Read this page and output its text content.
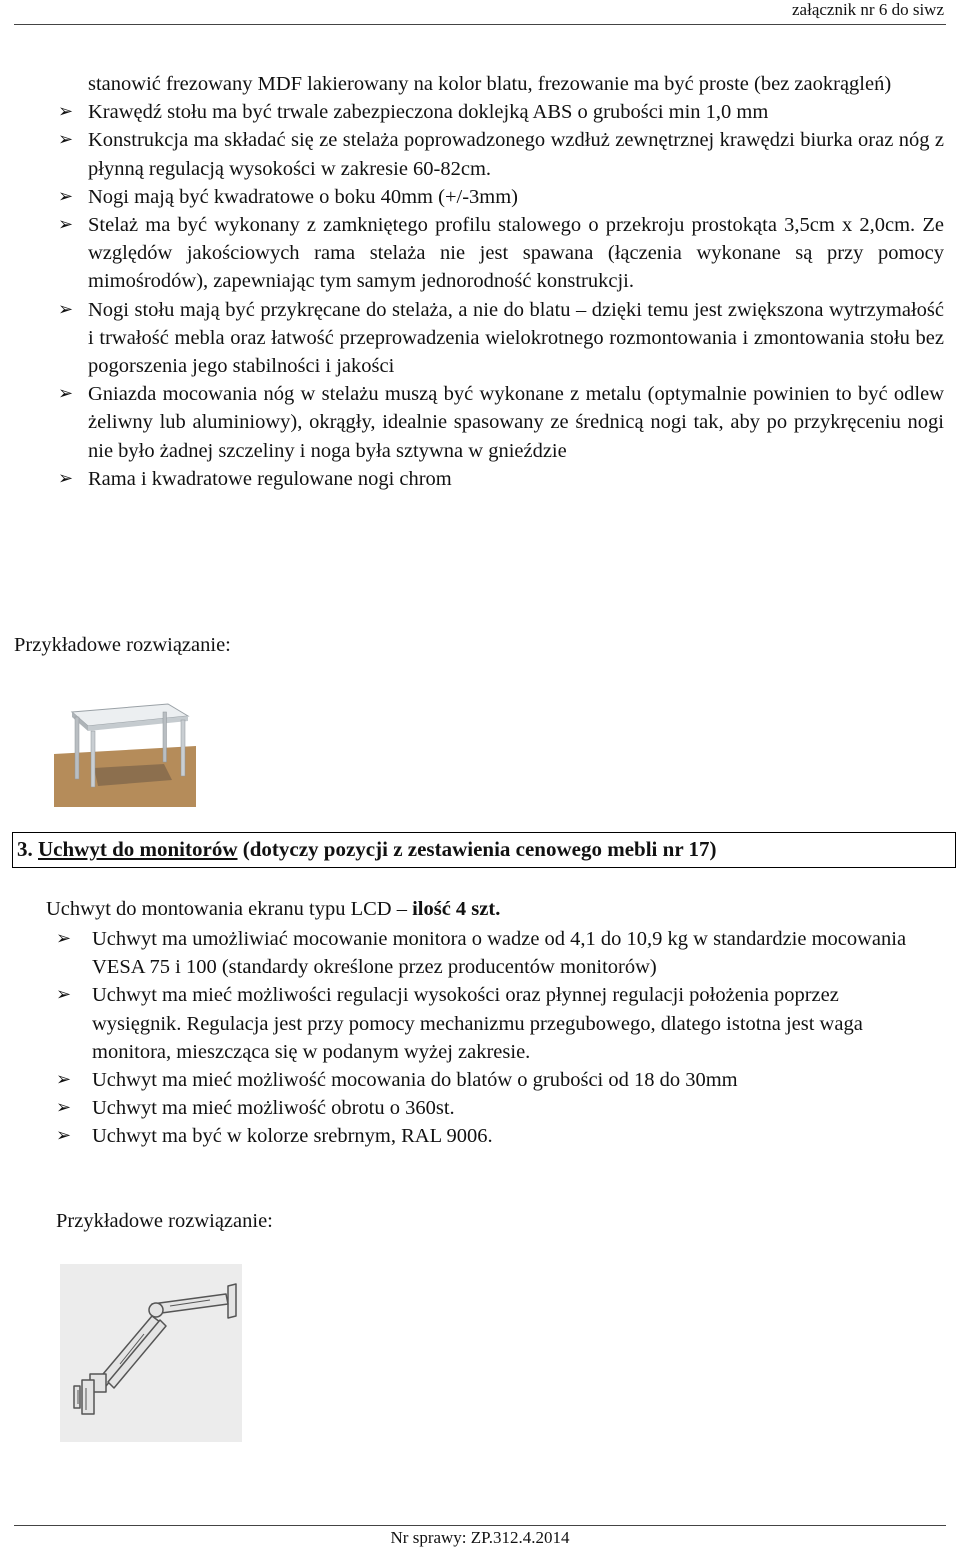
załącznik nr 6 do siwz
stanowić frezowany MDF lakierowany na kolor blatu, frezowanie ma być proste (bez zaokrągleń)
➢ Krawędź stołu ma być trwale zabezpieczona doklejką ABS o grubości min 1,0 mm
➢ Konstrukcja ma składać się ze stelaża poprowadzonego wzdłuż zewnętrznej krawędzi biurka oraz nóg z płynną regulacją wysokości w zakresie 60-82cm.
➢ Nogi mają być kwadratowe o boku 40mm (+/-3mm)
➢ Stelaż ma być wykonany z zamkniętego profilu stalowego o przekroju prostokąta 3,5cm x 2,0cm. Ze względów jakościowych rama stelaża nie jest spawana (łączenia wykonane są przy pomocy mimośrodów), zapewniając tym samym jednorodność konstrukcji.
➢ Nogi stołu mają być przykręcane do stelaża, a nie do blatu – dzięki temu jest zwiększona wytrzymałość i trwałość mebla oraz łatwość przeprowadzenia wielokrotnego rozmontowania i zmontowania stołu bez pogorszenia jego stabilności i jakości
➢ Gniazda mocowania nóg w stelażu muszą być wykonane z metalu (optymalnie powinien to być odlew żeliwny lub aluminiowy), okrągły, idealnie spasowany ze średnicą nogi tak, aby po przykręceniu nogi nie było żadnej szczeliny i noga była sztywna w gnieździe
➢ Rama i kwadratowe regulowane nogi chrom
Przykładowe rozwiązanie:
3. Uchwyt do monitorów (dotyczy pozycji z zestawienia cenowego mebli nr 17)
Uchwyt do montowania ekranu typu LCD – ilość 4 szt.
➢ Uchwyt ma umożliwiać mocowanie monitora o wadze od 4,1 do 10,9 kg w standardzie mocowania VESA 75 i 100 (standardy określone przez producentów monitorów)
➢ Uchwyt ma mieć możliwości regulacji wysokości oraz płynnej regulacji położenia poprzez wysięgnik. Regulacja jest przy pomocy mechanizmu przegubowego, dlatego istotna jest waga monitora, mieszcząca się w podanym wyżej zakresie.
➢ Uchwyt ma mieć możliwość mocowania do blatów o grubości od 18 do 30mm
➢ Uchwyt ma mieć możliwość obrotu o 360st.
➢ Uchwyt ma być w kolorze srebrnym, RAL 9006.
Przykładowe rozwiązanie:
Nr sprawy: ZP.312.4.2014
